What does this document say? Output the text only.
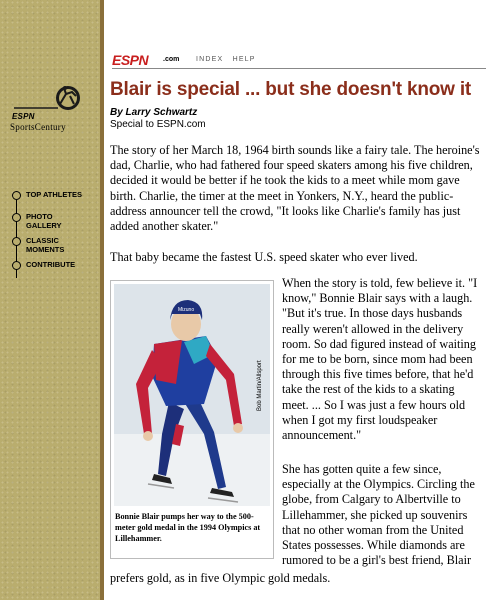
ESPN
SportsCentury
TOP ATHLETES
PHOTO GALLERY
CLASSIC MOMENTS
CONTRIBUTE
ESPN .com INDEX HELP
Blair is special ... but she doesn't know it
By Larry Schwartz
Special to ESPN.com

The story of her March 18, 1964 birth sounds like a fairy tale. The heroine's dad, Charlie, who had fathered four speed skaters among his five children, decided it would be better if he took the kids to a meet while mom gave birth. Charlie, the timer at the meet in Yonkers, N.Y., heard the public-address announcer tell the crowd, "It looks like Charlie's family has just added another skater."

That baby became the fastest U.S. speed skater who ever lived.

Mizuno
Bob Martin/Allsport
Bonnie Blair pumps her way to the 500-meter gold medal in the 1994 Olympics at Lillehammer.

When the story is told, few believe it. "I know," Bonnie Blair says with a laugh. "But it's true. In those days husbands really weren't allowed in the delivery room. So dad figured instead of waiting for me to be born, since mom had been through this five times before, that he'd take the rest of the kids to a skating meet. ... So I was just a few hours old when I got my first loudspeaker announcement."

She has gotten quite a few since, especially at the Olympics. Circling the globe, from Calgary to Albertville to Lillehammer, she picked up souvenirs that no other woman from the United States possesses. While diamonds are rumored to be a girl's best friend, Blair

prefers gold, as in five Olympic gold medals.
